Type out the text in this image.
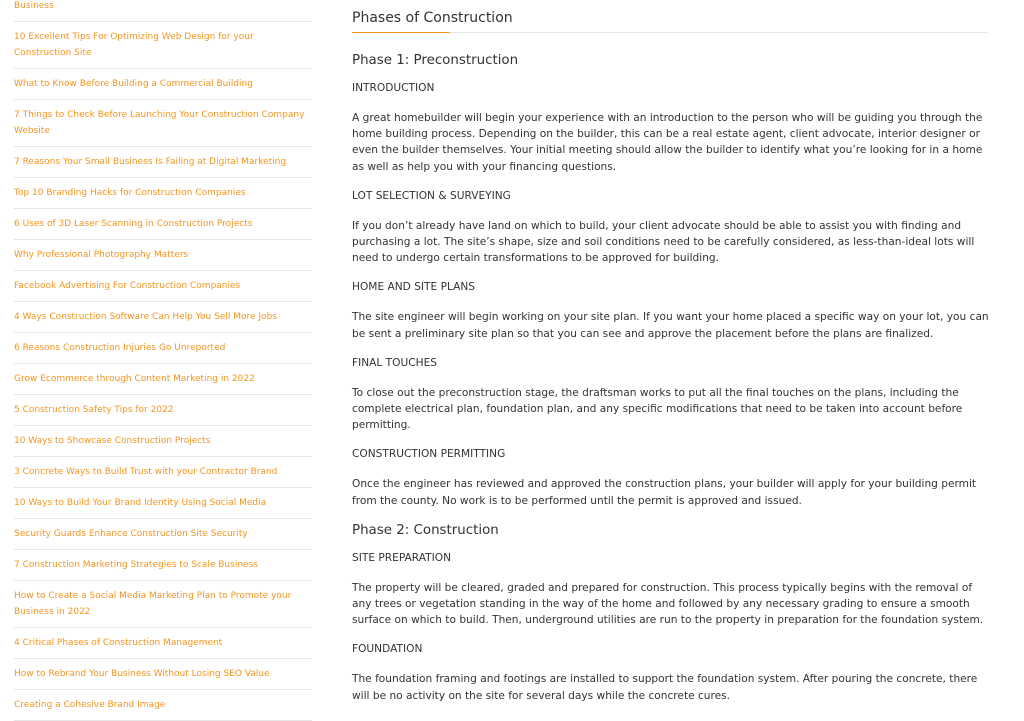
Business
10 Excellent Tips For Optimizing Web Design for your Construction Site
What to Know Before Building a Commercial Building
7 Things to Check Before Launching Your Construction Company Website
7 Reasons Your Small Business Is Failing at Digital Marketing
Top 10 Branding Hacks for Construction Companies
6 Uses of 3D Laser Scanning in Construction Projects
Why Professional Photography Matters
Facebook Advertising For Construction Companies
4 Ways Construction Software Can Help You Sell More Jobs
6 Reasons Construction Injuries Go Unreported
Grow Ecommerce through Content Marketing in 2022
5 Construction Safety Tips for 2022
10 Ways to Showcase Construction Projects
3 Concrete Ways to Build Trust with your Contractor Brand
10 Ways to Build Your Brand Identity Using Social Media
Security Guards Enhance Construction Site Security
7 Construction Marketing Strategies to Scale Business
How to Create a Social Media Marketing Plan to Promote your Business in 2022
4 Critical Phases of Construction Management
How to Rebrand Your Business Without Losing SEO Value
Creating a Cohesive Brand Image
Phases of Construction
Phase 1: Preconstruction

INTRODUCTION

A great homebuilder will begin your experience with an introduction to the person who will be guiding you through the home building process. Depending on the builder, this can be a real estate agent, client advocate, interior designer or even the builder themselves. Your initial meeting should allow the builder to identify what you’re looking for in a home as well as help you with your financing questions.

LOT SELECTION & SURVEYING

If you don’t already have land on which to build, your client advocate should be able to assist you with finding and purchasing a lot. The site’s shape, size and soil conditions need to be carefully considered, as less-than-ideal lots will need to undergo certain transformations to be approved for building.

HOME AND SITE PLANS

The site engineer will begin working on your site plan. If you want your home placed a specific way on your lot, you can be sent a preliminary site plan so that you can see and approve the placement before the plans are finalized.

FINAL TOUCHES

To close out the preconstruction stage, the draftsman works to put all the final touches on the plans, including the complete electrical plan, foundation plan, and any specific modifications that need to be taken into account before permitting.

CONSTRUCTION PERMITTING

Once the engineer has reviewed and approved the construction plans, your builder will apply for your building permit from the county. No work is to be performed until the permit is approved and issued.

Phase 2: Construction

SITE PREPARATION

The property will be cleared, graded and prepared for construction. This process typically begins with the removal of any trees or vegetation standing in the way of the home and followed by any necessary grading to ensure a smooth surface on which to build. Then, underground utilities are run to the property in preparation for the foundation system.

FOUNDATION

The foundation framing and footings are installed to support the foundation system. After pouring the concrete, there will be no activity on the site for several days while the concrete cures.
